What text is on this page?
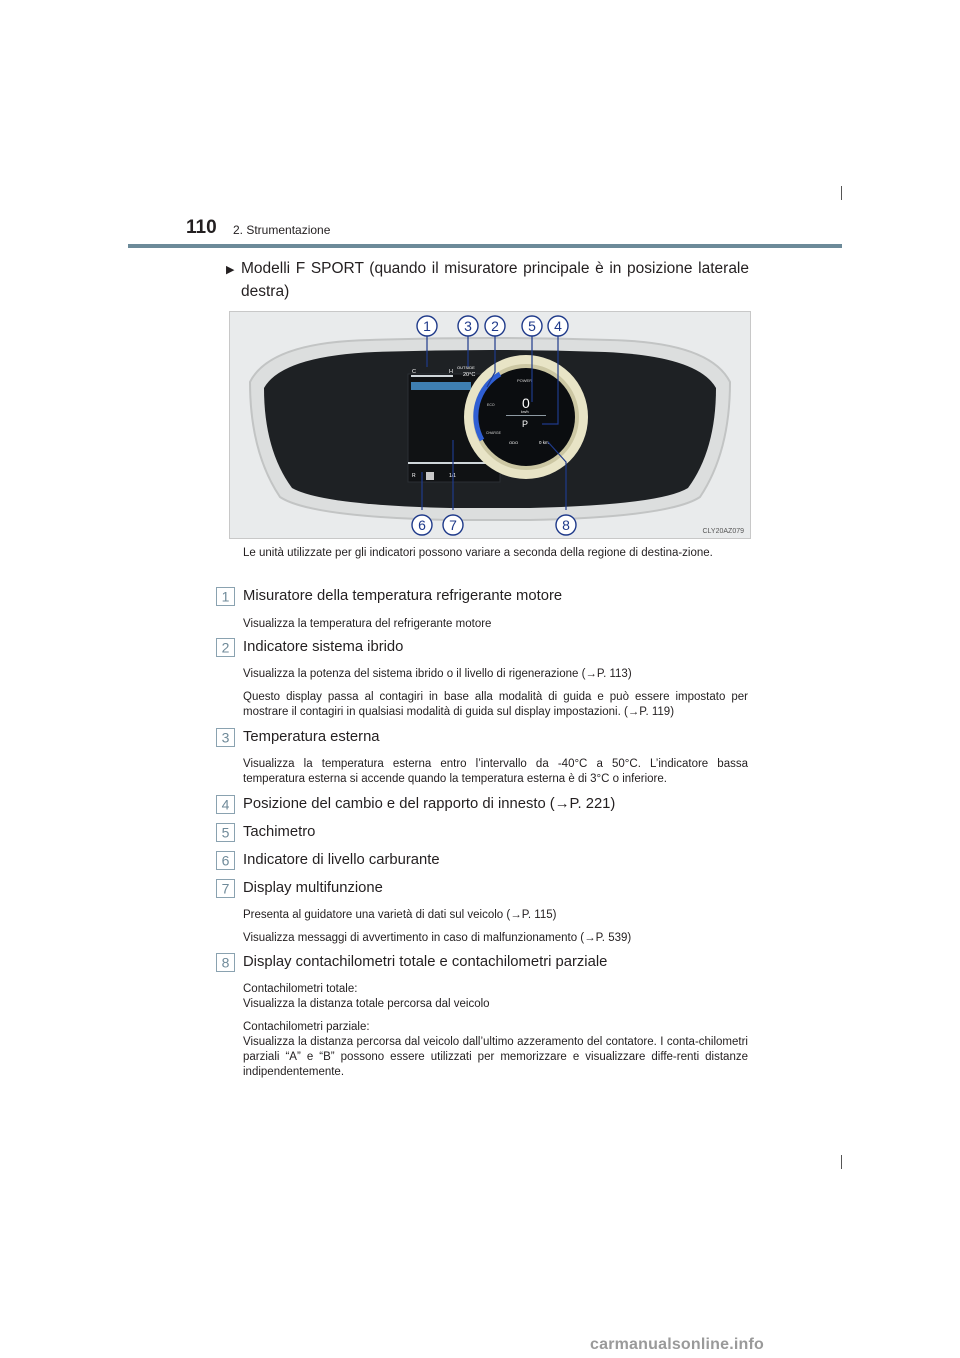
110 2. Strumentazione
▶ Modelli F SPORT (quando il misuratore principale è in posizione laterale destra)
C	H
OUTSIDE
20°C
R	1/1
POWER
ECO
CHARGE
0
km/h
P
ODO	0 km
1 3 2 5 4
6 7	8	CLY20AZ079
Le unità utilizzate per gli indicatori possono variare a seconda della regione di destina-zione.
1 Misuratore della temperatura refrigerante motore
Visualizza la temperatura del refrigerante motore
2 Indicatore sistema ibrido
Visualizza la potenza del sistema ibrido o il livello di rigenerazione (→P. 113)
Questo display passa al contagiri in base alla modalità di guida e può essere impostato per mostrare il contagiri in qualsiasi modalità di guida sul display impostazioni. (→P. 119)
3 Temperatura esterna
Visualizza la temperatura esterna entro l’intervallo da -40°C a 50°C. L’indicatore bassa temperatura esterna si accende quando la temperatura esterna è di 3°C o inferiore.
4 Posizione del cambio e del rapporto di innesto (→P. 221)
5 Tachimetro
6 Indicatore di livello carburante
7 Display multifunzione
Presenta al guidatore una varietà di dati sul veicolo (→P. 115)
Visualizza messaggi di avvertimento in caso di malfunzionamento (→P. 539)
8 Display contachilometri totale e contachilometri parziale
Contachilometri totale:
Visualizza la distanza totale percorsa dal veicolo
Contachilometri parziale:
Visualizza la distanza percorsa dal veicolo dall’ultimo azzeramento del contatore. I conta-chilometri parziali “A” e “B” possono essere utilizzati per memorizzare e visualizzare diffe-renti distanze indipendentemente.
carmanualsonline.info
